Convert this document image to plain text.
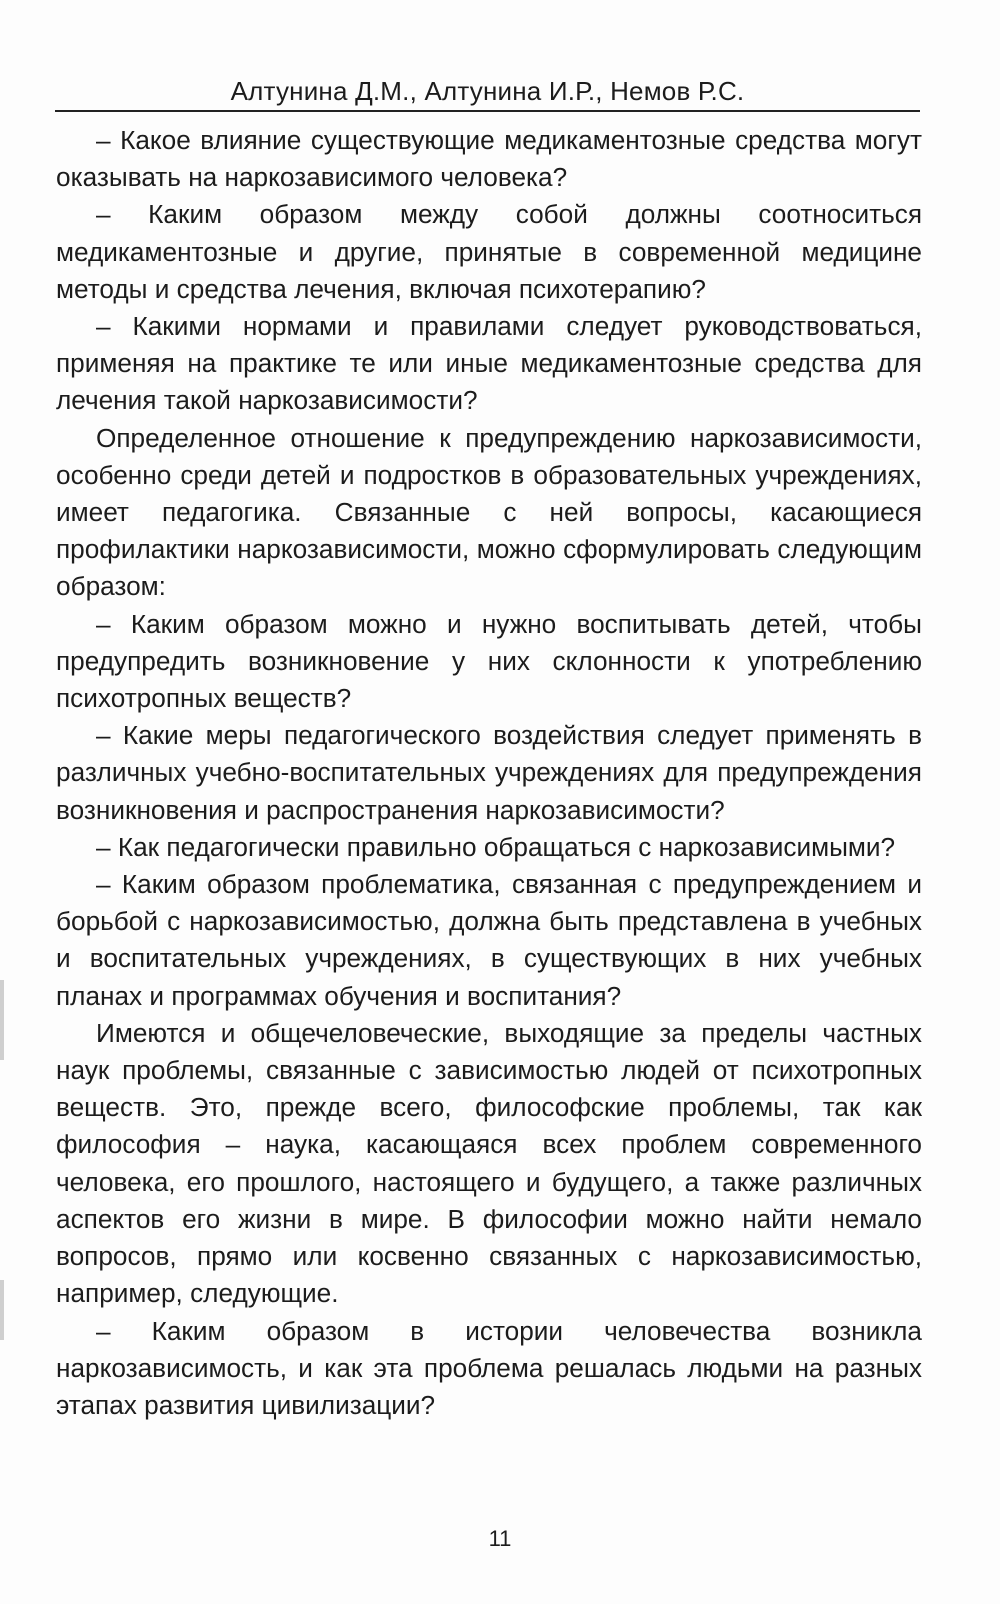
Алтунина Д.М., Алтунина И.Р., Немов Р.С.

– Какое влияние существующие медикаментозные средства могут оказывать на наркозависимого человека?

– Каким образом между собой должны соотноситься медикаментозные и другие, принятые в современной медицине методы и средства лечения, включая психотерапию?

– Какими нормами и правилами следует руководствоваться, применяя на практике те или иные медикаментозные средства для лечения такой наркозависимости?

Определенное отношение к предупреждению наркозависимости, особенно среди детей и подростков в образовательных учреждениях, имеет педагогика. Связанные с ней вопросы, касающиеся профилактики наркозависимости, можно сформулировать следующим образом:

– Каким образом можно и нужно воспитывать детей, чтобы предупредить возникновение у них склонности к употреблению психотропных веществ?

– Какие меры педагогического воздействия следует применять в различных учебно-воспитательных учреждениях для предупреждения возникновения и распространения наркозависимости?

– Как педагогически правильно обращаться с наркозависимыми?

– Каким образом проблематика, связанная с предупреждением и борьбой с наркозависимостью, должна быть представлена в учебных и воспитательных учреждениях, в существующих в них учебных планах и программах обучения и воспитания?

Имеются и общечеловеческие, выходящие за пределы частных наук проблемы, связанные с зависимостью людей от психотропных веществ. Это, прежде всего, философские проблемы, так как философия – наука, касающаяся всех проблем современного человека, его прошлого, настоящего и будущего, а также различных аспектов его жизни в мире. В философии можно найти немало вопросов, прямо или косвенно связанных с наркозависимостью, например, следующие.

– Каким образом в истории человечества возникла наркозависимость, и как эта проблема решалась людьми на разных этапах развития цивилизации?

11
